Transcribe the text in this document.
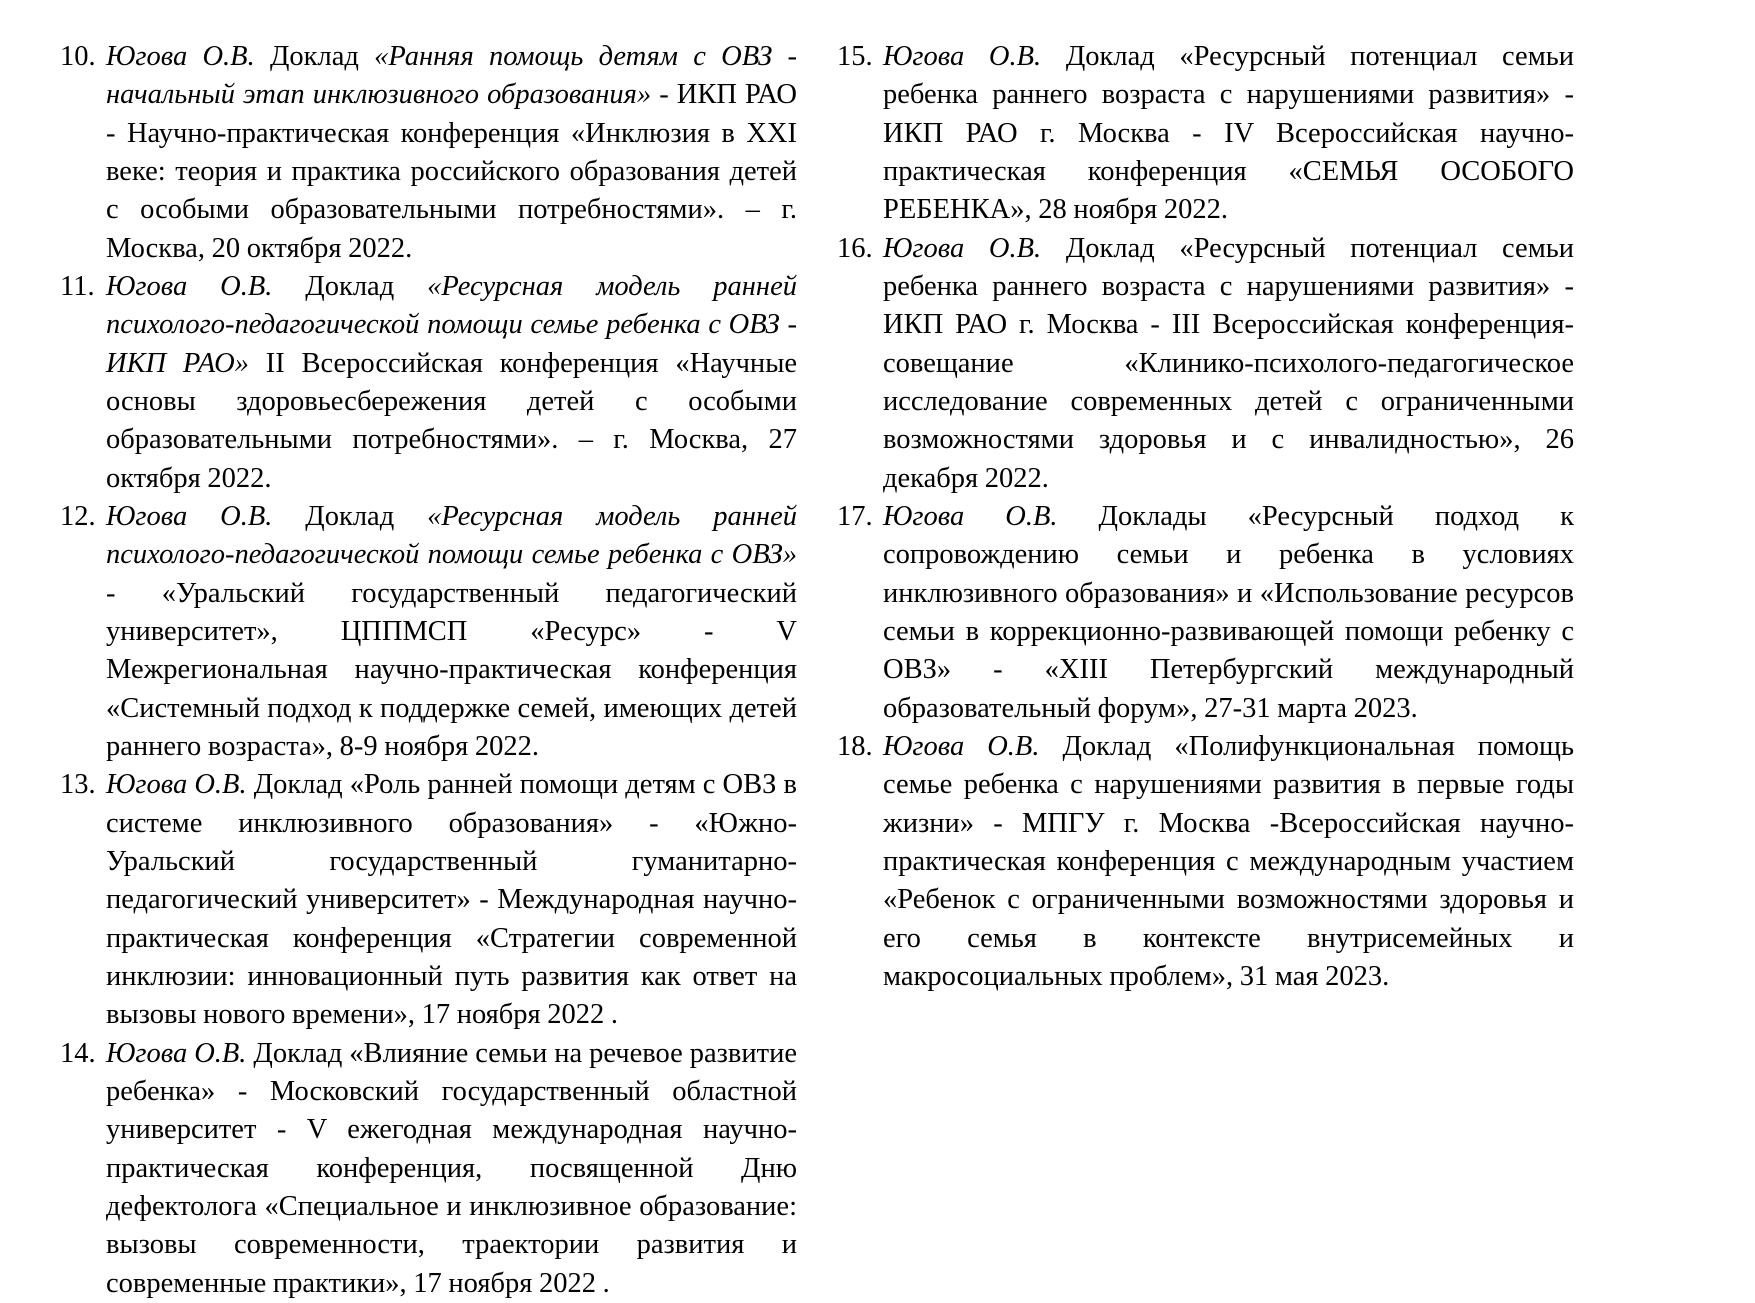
10. Югова О.В. Доклад «Ранняя помощь детям с ОВЗ - начальный этап инклюзивного образования» - ИКП РАО - Научно-практическая конференция «Инклюзия в XXI веке: теория и практика российского образования детей с особыми образовательными потребностями». – г. Москва, 20 октября 2022.
11. Югова О.В. Доклад «Ресурсная модель ранней психолого-педагогической помощи семье ребенка с ОВЗ - ИКП РАО» II Всероссийская конференция «Научные основы здоровьесбережения детей с особыми образовательными потребностями». – г. Москва, 27 октября 2022.
12. Югова О.В. Доклад «Ресурсная модель ранней психолого-педагогической помощи семье ребенка с ОВЗ» - «Уральский государственный педагогический университет», ЦППМСП «Ресурс» - V Межрегиональная научно-практическая конференция «Системный подход к поддержке семей, имеющих детей раннего возраста», 8-9 ноября 2022.
13. Югова О.В. Доклад «Роль ранней помощи детям с ОВЗ в системе инклюзивного образования» - «Южно-Уральский государственный гуманитарно-педагогический университет» - Международная научно-практическая конференция «Стратегии современной инклюзии: инновационный путь развития как ответ на вызовы нового времени», 17 ноября 2022 .
14. Югова О.В. Доклад «Влияние семьи на речевое развитие ребенка» - Московский государственный областной университет - V ежегодная международная научно-практическая конференция, посвященной Дню дефектолога «Специальное и инклюзивное образование: вызовы современности, траектории развития и современные практики», 17 ноября 2022 .
15. Югова О.В. Доклад «Ресурсный потенциал семьи ребенка раннего возраста с нарушениями развития» - ИКП РАО г. Москва - IV Всероссийская научно-практическая конференция «СЕМЬЯ ОСОБОГО РЕБЕНКА», 28 ноября 2022.
16. Югова О.В. Доклад «Ресурсный потенциал семьи ребенка раннего возраста с нарушениями развития» - ИКП РАО г. Москва - III Всероссийская конференция-совещание «Клинико-психолого-педагогическое исследование современных детей с ограниченными возможностями здоровья и с инвалидностью», 26 декабря 2022.
17. Югова О.В. Доклады «Ресурсный подход к сопровождению семьи и ребенка в условиях инклюзивного образования» и «Использование ресурсов семьи в коррекционно-развивающей помощи ребенку с ОВЗ» - «XIII Петербургский международный образовательный форум», 27-31 марта 2023.
18. Югова О.В. Доклад «Полифункциональная помощь семье ребенка с нарушениями развития в первые годы жизни» - МПГУ г. Москва -Всероссийская научно-практическая конференция с международным участием «Ребенок с ограниченными возможностями здоровья и его семья в контексте внутрисемейных и макросоциальных проблем», 31 мая 2023.
